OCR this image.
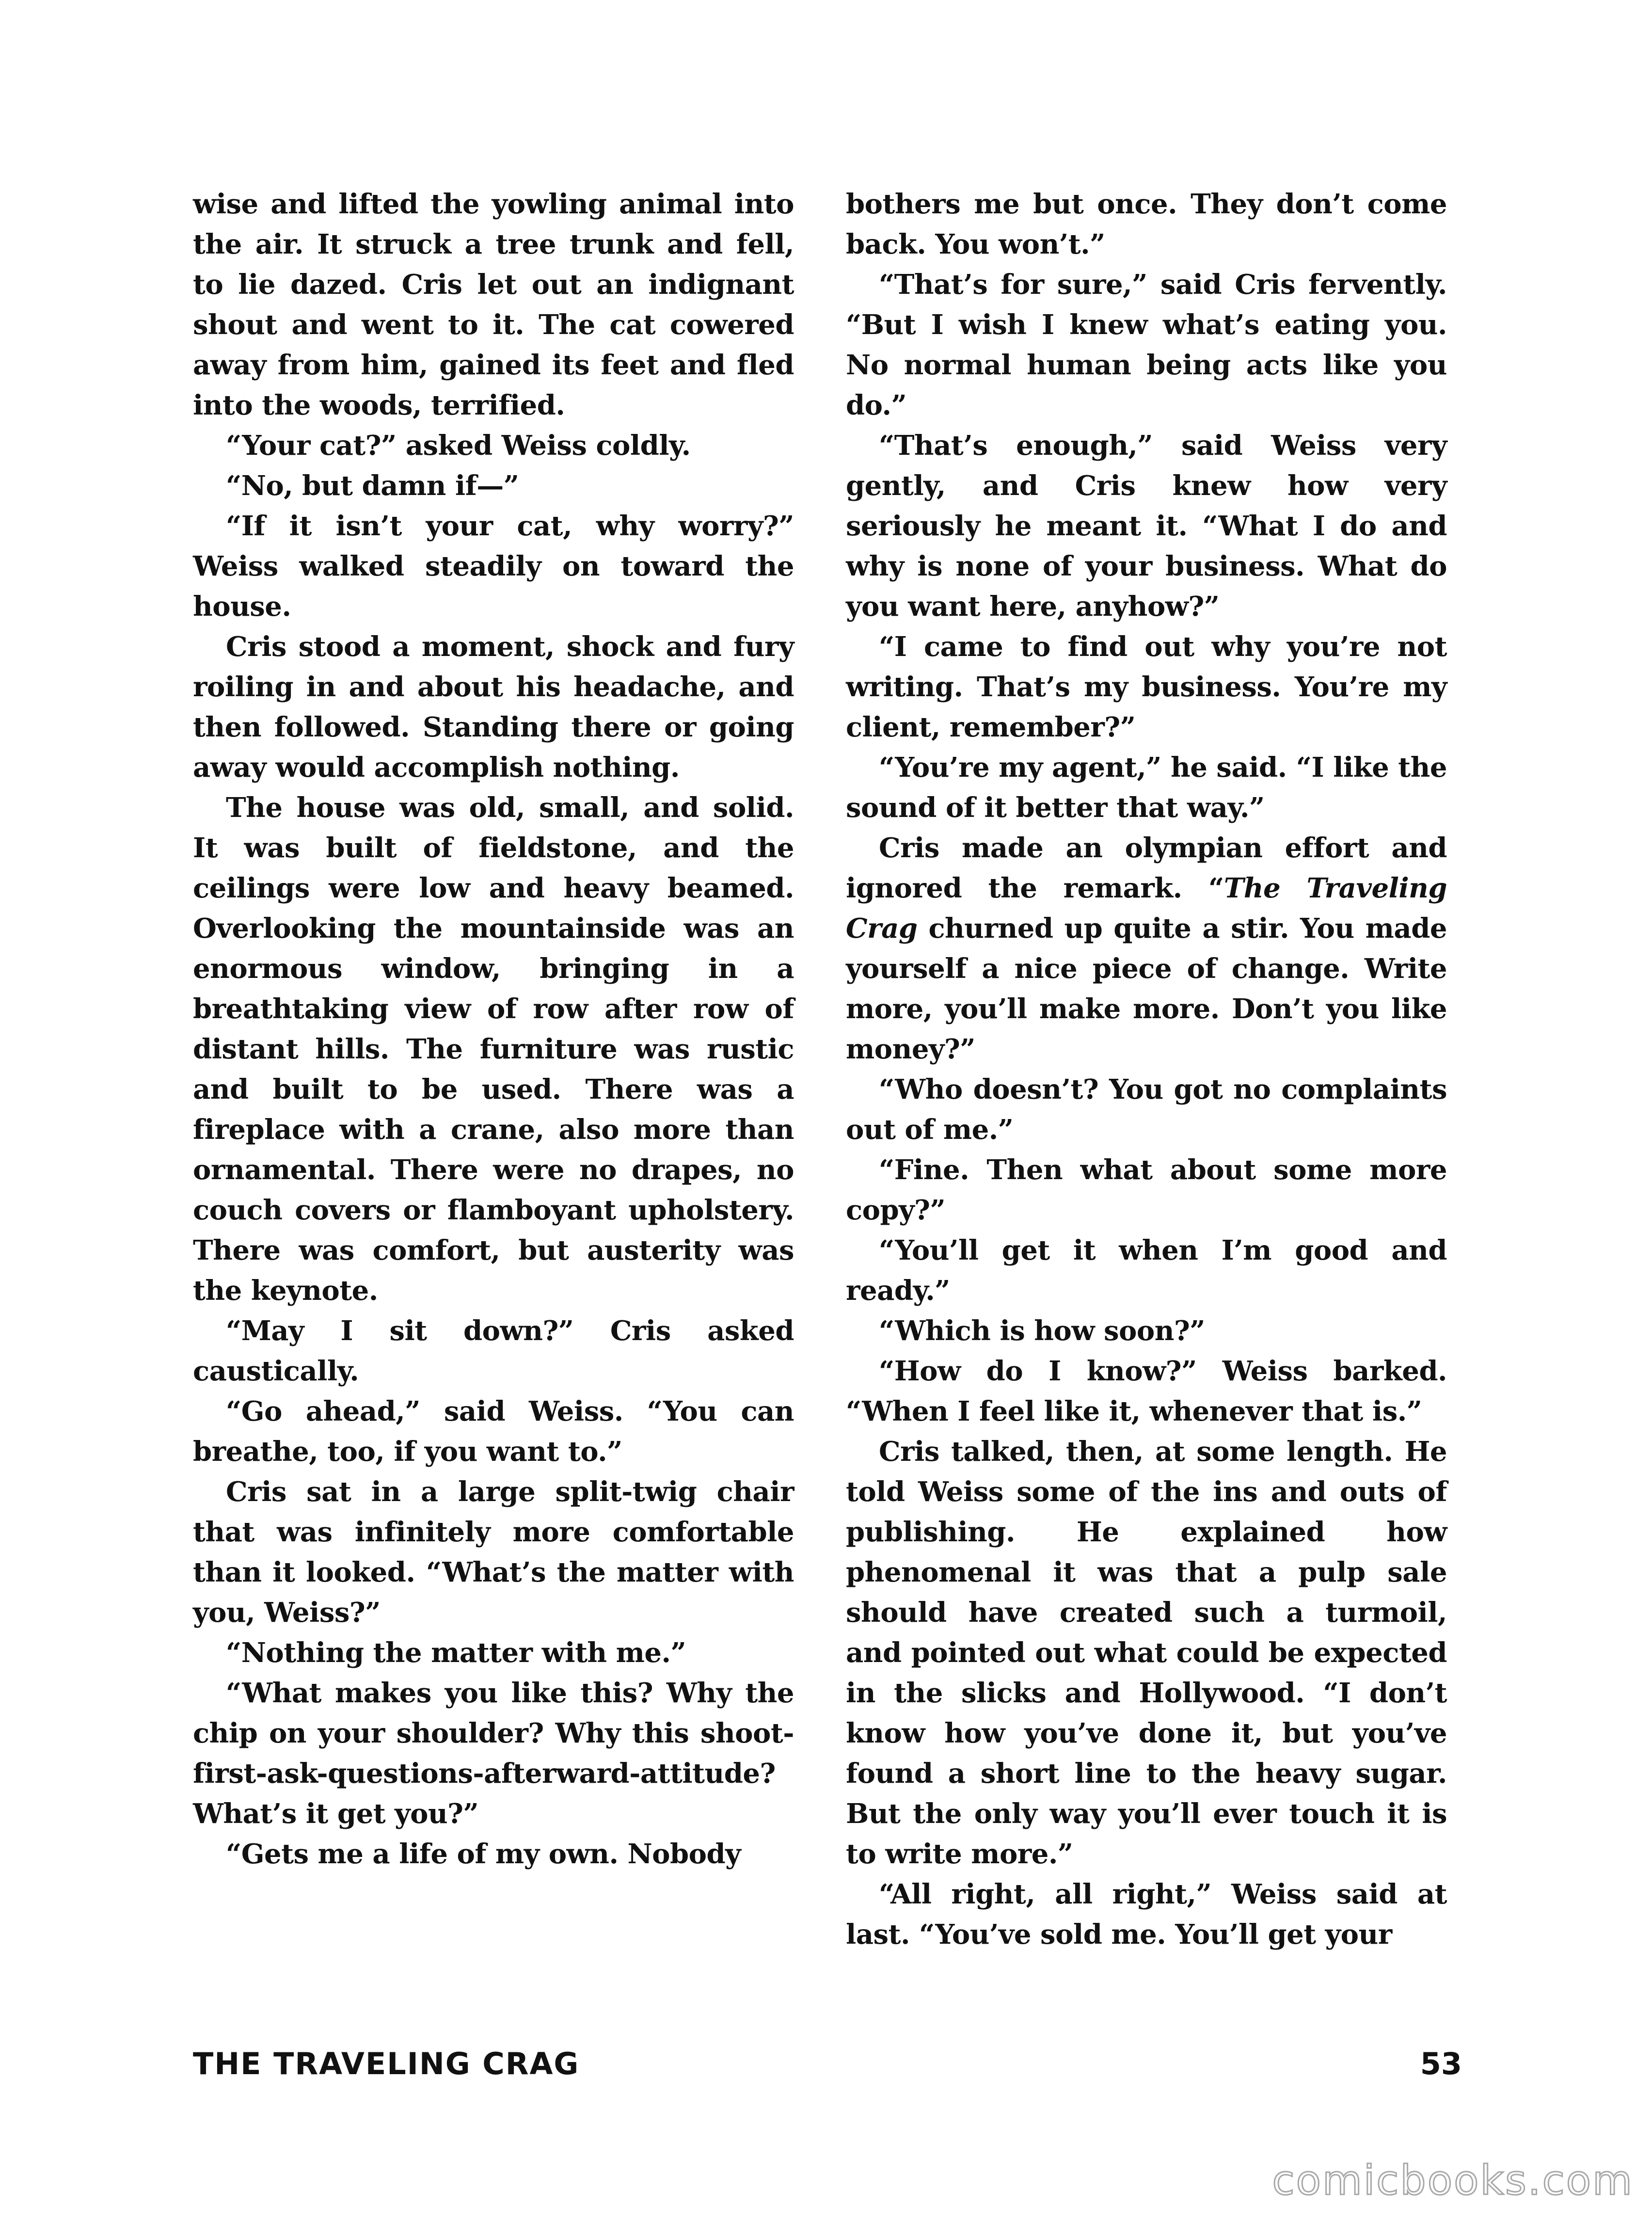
wise and lifted the yowling animal into the air. It struck a tree trunk and fell, to lie dazed. Cris let out an indignant shout and went to it. The cat cowered away from him, gained its feet and fled into the woods, terrified.

“Your cat?” asked Weiss coldly.

“No, but damn if—”

“If it isn’t your cat, why worry?” Weiss walked steadily on toward the house.

Cris stood a moment, shock and fury roiling in and about his headache, and then followed. Standing there or going away would accomplish nothing.

The house was old, small, and solid. It was built of fieldstone, and the ceilings were low and heavy beamed. Overlooking the mountainside was an enormous window, bringing in a breathtaking view of row after row of distant hills. The furniture was rustic and built to be used. There was a fireplace with a crane, also more than ornamental. There were no drapes, no couch covers or flamboyant upholstery. There was comfort, but austerity was the keynote.

“May I sit down?” Cris asked caustically.

“Go ahead,” said Weiss. “You can breathe, too, if you want to.”

Cris sat in a large split-twig chair that was infinitely more comfortable than it looked. “What’s the matter with you, Weiss?”

“Nothing the matter with me.”

“What makes you like this? Why the chip on your shoulder? Why this shoot-first-ask-questions-afterward-attitude? What’s it get you?”

“Gets me a life of my own. Nobody

bothers me but once. They don’t come back. You won’t.”

“That’s for sure,” said Cris fervently. “But I wish I knew what’s eating you. No normal human being acts like you do.”

“That’s enough,” said Weiss very gently, and Cris knew how very seriously he meant it. “What I do and why is none of your business. What do you want here, anyhow?”

“I came to find out why you’re not writing. That’s my business. You’re my client, remember?”

“You’re my agent,” he said. “I like the sound of it better that way.”

Cris made an olympian effort and ignored the remark. “The Traveling Crag churned up quite a stir. You made yourself a nice piece of change. Write more, you’ll make more. Don’t you like money?”

“Who doesn’t? You got no complaints out of me.”

“Fine. Then what about some more copy?”

“You’ll get it when I’m good and ready.”

“Which is how soon?”

“How do I know?” Weiss barked. “When I feel like it, whenever that is.”

Cris talked, then, at some length. He told Weiss some of the ins and outs of publishing. He explained how phenomenal it was that a pulp sale should have created such a turmoil, and pointed out what could be expected in the slicks and Hollywood. “I don’t know how you’ve done it, but you’ve found a short line to the heavy sugar. But the only way you’ll ever touch it is to write more.”

“All right, all right,” Weiss said at last. “You’ve sold me. You’ll get your

THE TRAVELING CRAG	53
comicbooks.com
